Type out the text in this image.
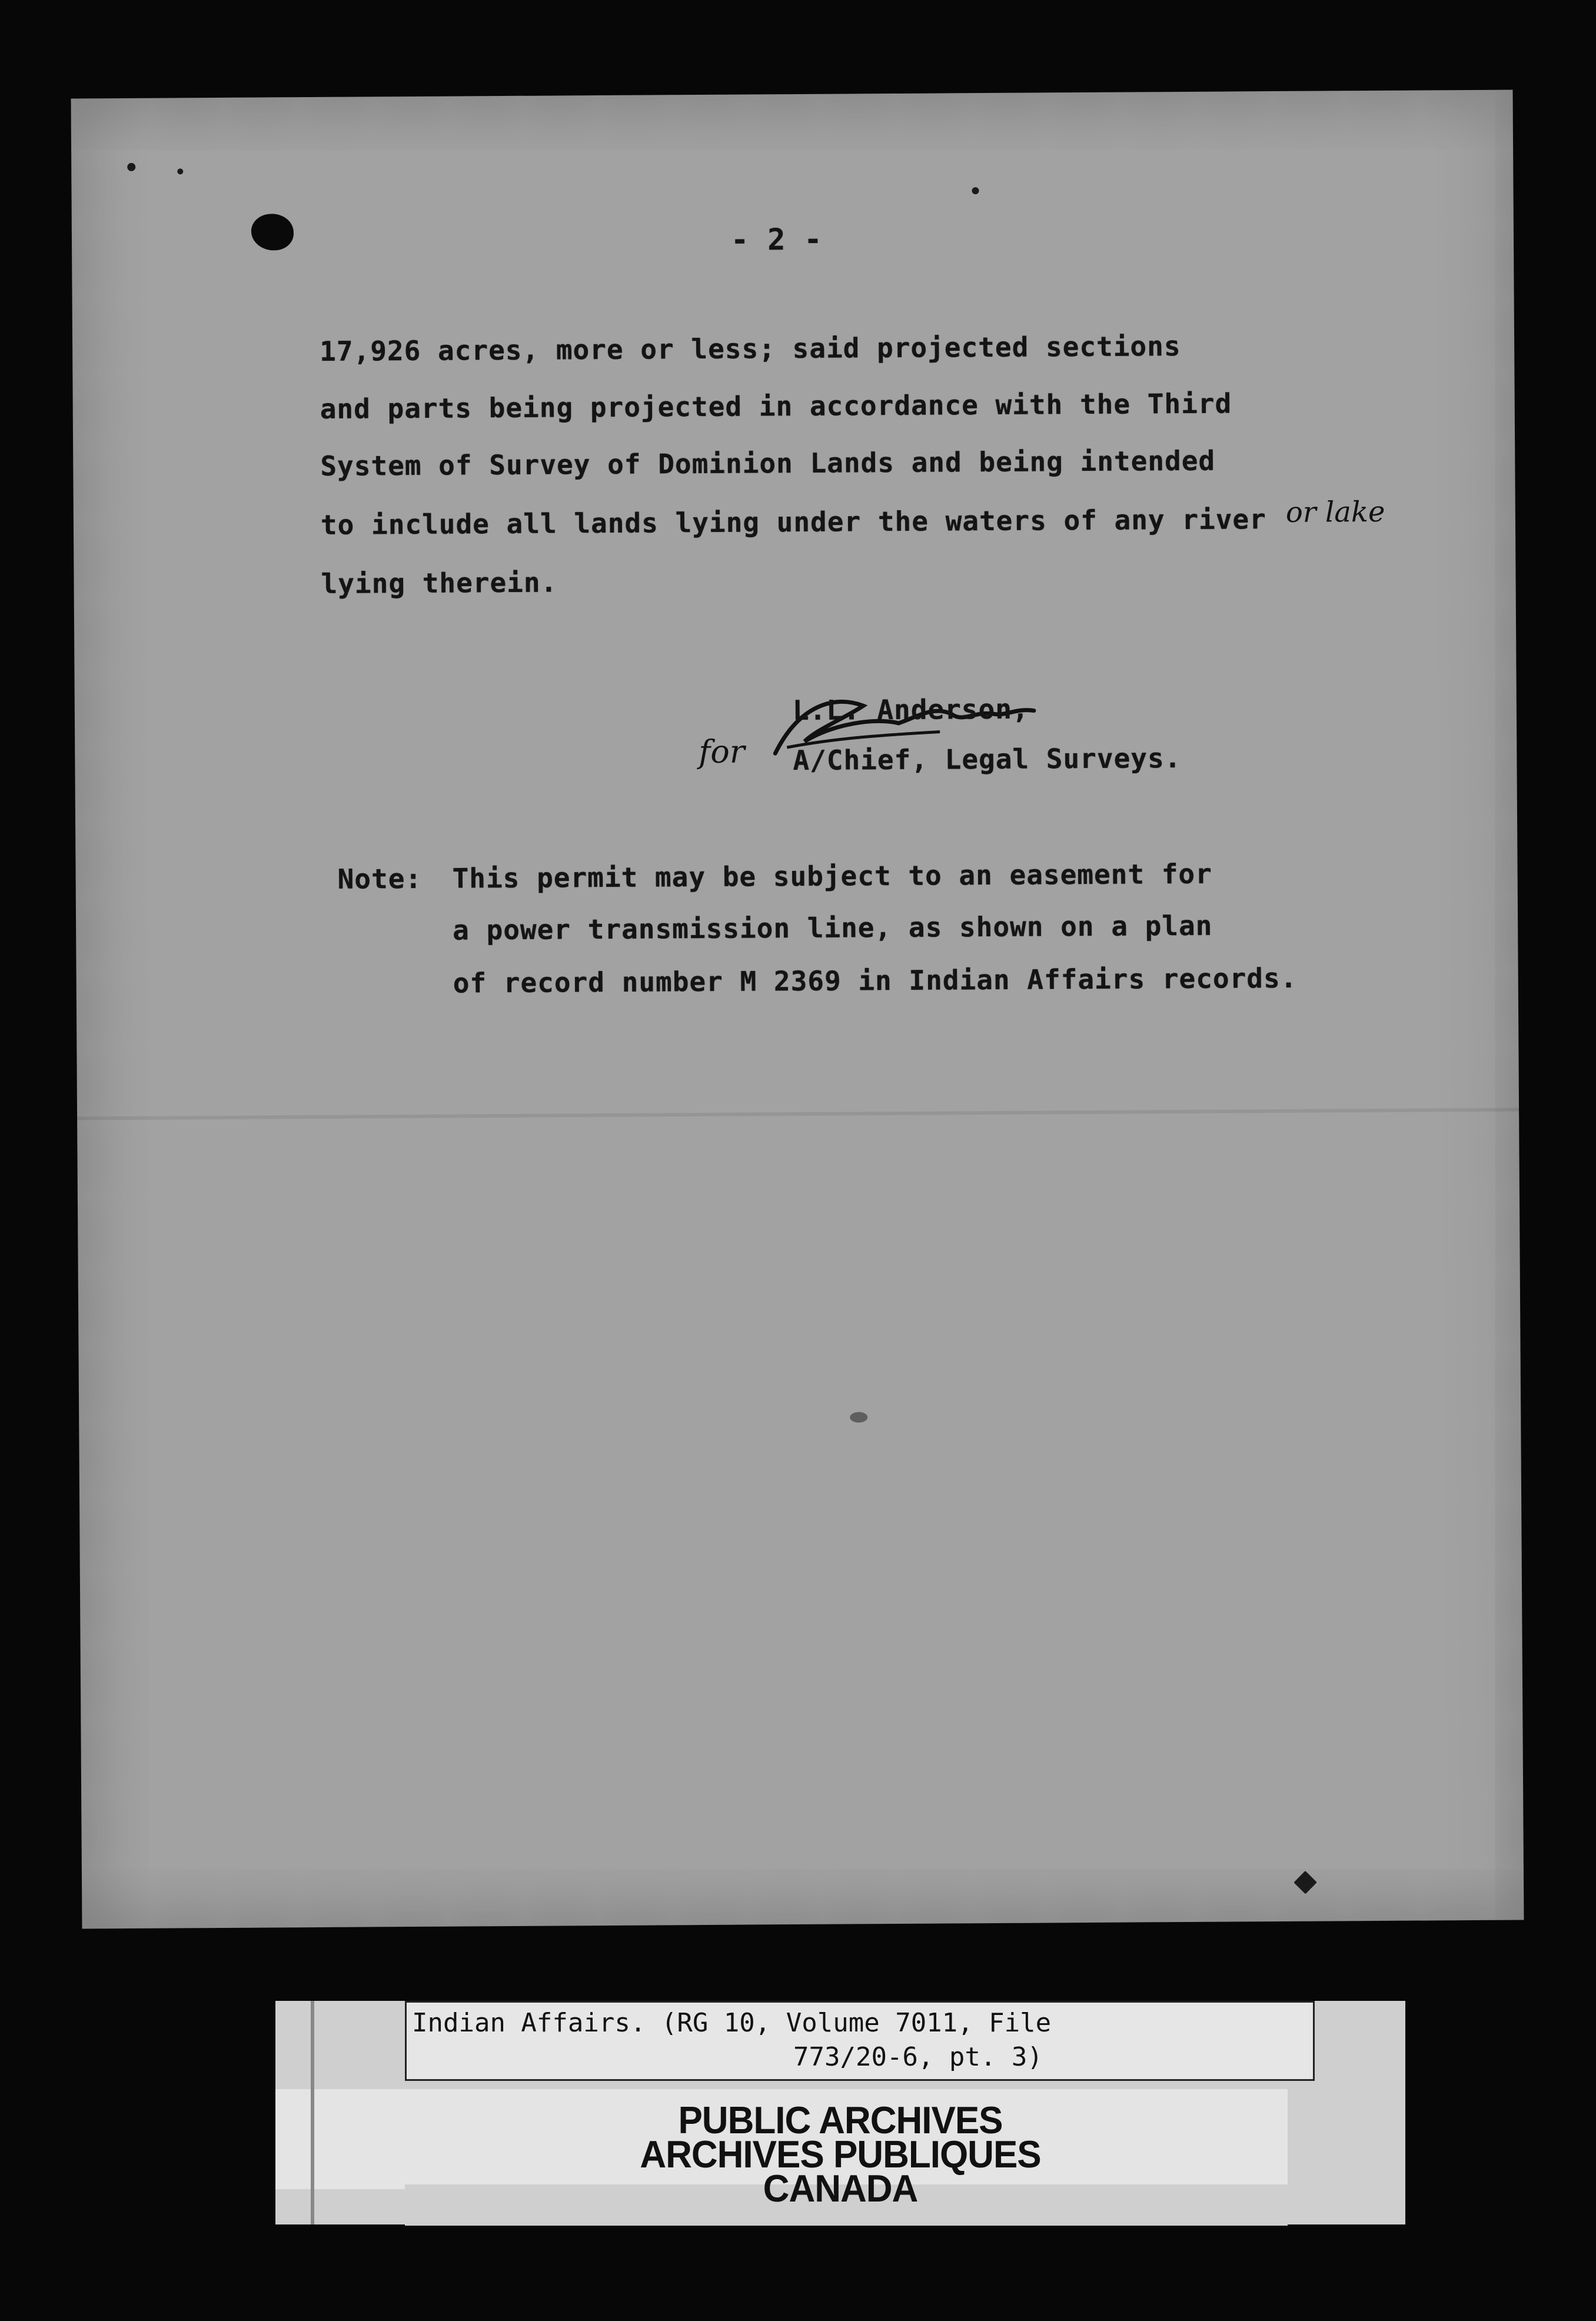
- 2 -
17,926 acres, more or less; said projected sections
and parts being projected in accordance with the Third
System of Survey of Dominion Lands and being intended
to include all lands lying under the waters of any river or lake
lying therein.
for
L.L. Anderson,
A/Chief, Legal Surveys.
Note: This permit may be subject to an easement for
a power transmission line, as shown on a plan
of record number M 2369 in Indian Affairs records.
Indian Affairs. (RG 10, Volume 7011, File
773/20-6, pt. 3)
PUBLIC ARCHIVES
ARCHIVES PUBLIQUES
CANADA
